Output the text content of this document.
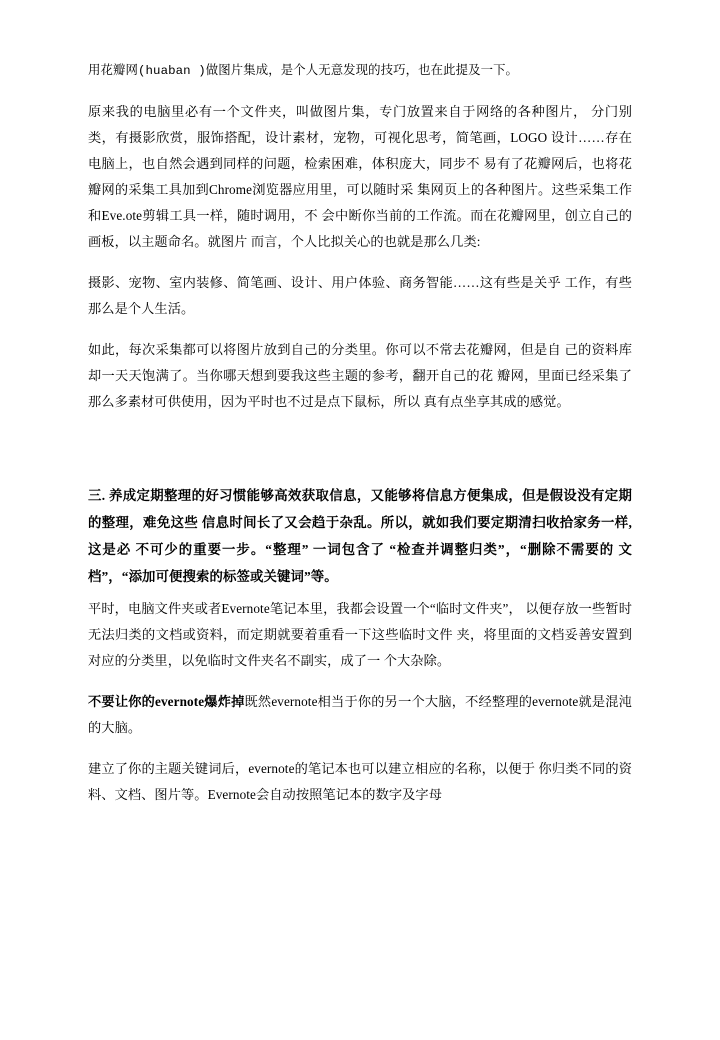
用花瓣网(huaban )做图片集成，是个人无意发现的技巧，也在此提及一下。

原来我的电脑里必有一个文件夹，叫做图片集，专门放置来自于网络的各种图片， 分门别类，有摄影欣赏，服饰搭配，设计素材，宠物，可视化思考，简笔画，LOGO 设计……存在电脑上，也自然会遇到同样的问题，检索困难，体积庞大，同步不 易有了花瓣网后，也将花瓣网的采集工具加到Chrome浏览器应用里，可以随时采 集网页上的各种图片。这些采集工作和Eve.ote剪辑工具一样，随时调用，不 会中断你当前的工作流。而在花瓣网里，创立自己的画板，以主题命名。就图片 而言，个人比拟关心的也就是那么几类:

摄影、宠物、室内装修、简笔画、设计、用户体验、商务智能……这有些是关乎 工作，有些那么是个人生活。

如此，每次采集都可以将图片放到自己的分类里。你可以不常去花瓣网，但是自 己的资料库却一天天饱满了。当你哪天想到要我这些主题的参考，翻开自己的花 瓣网，里面已经采集了那么多素材可供使用，因为平时也不过是点下鼠标，所以 真有点坐享其成的感觉。

三. 养成定期整理的好习惯能够高效获取信息，又能够将信息方便集成，但是假设没有定期的整理，难免这些 信息时间长了又会趋于杂乱。所以，就如我们要定期清扫收拾家务一样,这是必 不可少的重要一步。“整理” 一词包含了 “检查并调整归类”，“删除不需要的 文档”，“添加可便搜索的标签或关键词”等。

平时，电脑文件夹或者Evernote笔记本里，我都会设置一个“临时文件夹”， 以便存放一些暂时无法归类的文档或资料，而定期就要着重看一下这些临时文件 夹，将里面的文档妥善安置到对应的分类里，以免临时文件夹名不副实，成了一 个大杂除。

不要让你的evernote爆炸掉既然evernote相当于你的另一个大脑，不经整理的evernote就是混沌的大脑。

建立了你的主题关键词后，evernote的笔记本也可以建立相应的名称，以便于 你归类不同的资料、文档、图片等。Evernote会自动按照笔记本的数字及字母
